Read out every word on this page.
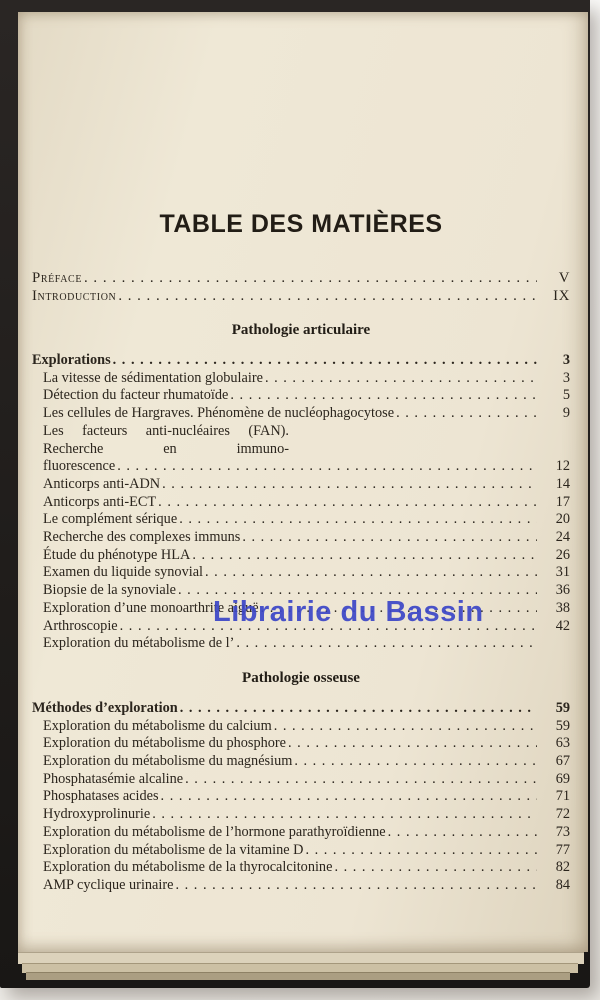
TABLE DES MATIÈRES
Préface . . .	V
Introduction . . .	IX
Pathologie articulaire
Explorations . . .	3
La vitesse de sédimentation globulaire . . .	3
Détection du facteur rhumatoïde . . .	5
Les cellules de Hargraves. Phénomène de nucléophagocytose . . .	9
Les facteurs anti-nucléaires (FAN). Recherche en immuno-
fluorescence . . .	12
Anticorps anti-ADN . . .	14
Anticorps anti-ECT . . .	17
Le complément sérique . . .	20
Recherche des complexes immuns . . .	24
Étude du phénotype HLA . . .	26
Examen du liquide synovial . . .	31
Biopsie de la synoviale . . .	36
Exploration d’une monoarthrite aiguë . . .	38
Arthroscopie . . .	42
Exploration du métabolisme de l’
. . .
Pathologie osseuse
Méthodes d’exploration . . .	59
Exploration du métabolisme du calcium . . .	59
Exploration du métabolisme du phosphore . . .	63
Exploration du métabolisme du magnésium . . .	67
Phosphatasémie alcaline . . .	69
Phosphatases acides . . .	71
Hydroxyprolinurie . . .	72
Exploration du métabolisme de l’hormone parathyroïdienne . . .	73
Exploration du métabolisme de la vitamine D . . .	77
Exploration du métabolisme de la thyrocalcitonine . . .	82
AMP cyclique urinaire . . .	84
Librairie du Bassin
